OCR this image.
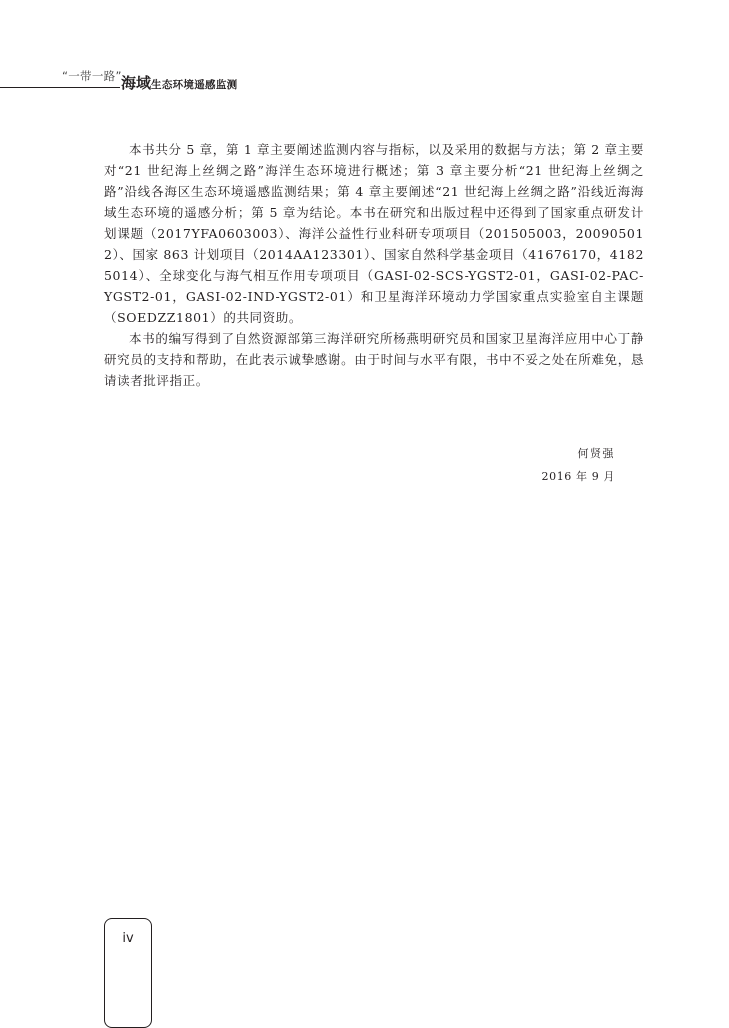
“一带一路” 海域生态环境遥感监测

本书共分 5 章，第 1 章主要阐述监测内容与指标，以及采用的数据与方法；第 2 章主要对“21 世纪海上丝绸之路”海洋生态环境进行概述；第 3 章主要分析“21 世纪海上丝绸之路”沿线各海区生态环境遥感监测结果；第 4 章主要阐述“21 世纪海上丝绸之路”沿线近海海域生态环境的遥感分析；第 5 章为结论。本书在研究和出版过程中还得到了国家重点研发计划课题（2017YFA0603003）、海洋公益性行业科研专项项目（201505003，200905012）、国家 863 计划项目（2014AA123301）、国家自然科学基金项目（41676170，41825014）、全球变化与海气相互作用专项项目（GASI-02-SCS-YGST2-01，GASI-02-PAC-YGST2-01，GASI-02-IND-YGST2-01）和卫星海洋环境动力学国家重点实验室自主课题（SOEDZZ1801）的共同资助。

本书的编写得到了自然资源部第三海洋研究所杨燕明研究员和国家卫星海洋应用中心丁静研究员的支持和帮助，在此表示诚挚感谢。由于时间与水平有限，书中不妥之处在所难免，恳请读者批评指正。

何贤强
2016 年 9 月
iv
